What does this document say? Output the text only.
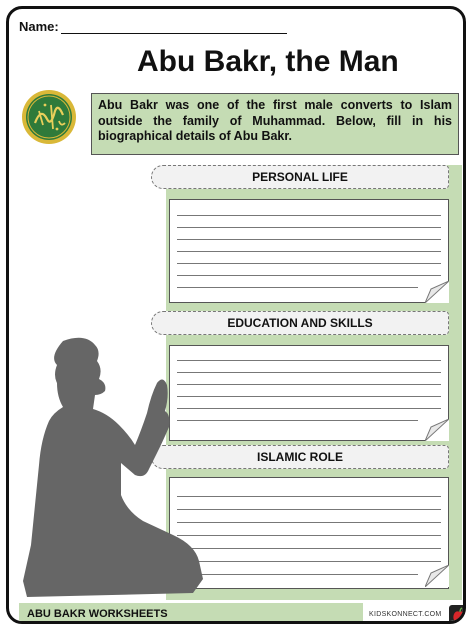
Name:
Abu Bakr, the Man
Abu Bakr was one of the first male converts to Islam outside the family of Muhammad. Below, fill in his biographical details of Abu Bakr.
PERSONAL LIFE
EDUCATION AND SKILLS
ISLAMIC ROLE
ABU BAKR WORKSHEETS	KIDSKONNECT.COM
